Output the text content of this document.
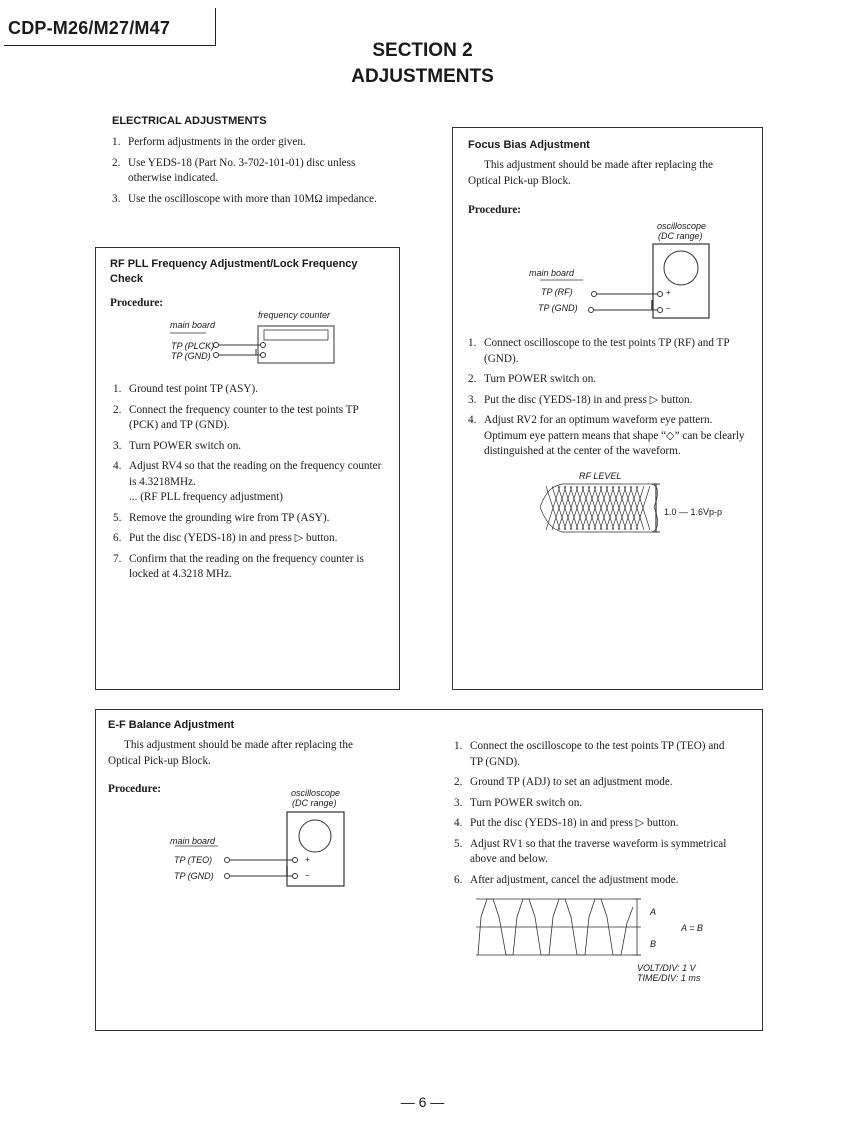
CDP-M26/M27/M47
SECTION 2
ADJUSTMENTS
ELECTRICAL ADJUSTMENTS
1. Perform adjustments in the order given.
2. Use YEDS-18 (Part No. 3-702-101-01) disc unless otherwise indicated.
3. Use the oscilloscope with more than 10MΩ impedance.
RF PLL Frequency Adjustment/Lock Frequency Check
Procedure:
frequency counter
main board
TP (PLCK)
TP (GND)
1. Ground test point TP (ASY).
2. Connect the frequency counter to the test points TP (PCK) and TP (GND).
3. Turn POWER switch on.
4. Adjust RV4 so that the reading on the frequency counter is 4.3218MHz.
... (RF PLL frequency adjustment)
5. Remove the grounding wire from TP (ASY).
6. Put the disc (YEDS-18) in and press ▷ button.
7. Confirm that the reading on the frequency counter is locked at 4.3218 MHz.
Focus Bias Adjustment
This adjustment should be made after replacing the Optical Pick-up Block.
Procedure:
oscilloscope
(DC range)
main board
TP (RF)
TP (GND)
+
−
1. Connect oscilloscope to the test points TP (RF) and TP (GND).
2. Turn POWER switch on.
3. Put the disc (YEDS-18) in and press ▷ button.
4. Adjust RV2 for an optimum waveform eye pattern. Optimum eye pattern means that shape “◇” can be clearly distinguished at the center of the waveform.
RF LEVEL
1.0 — 1.6Vp-p
E-F Balance Adjustment
This adjustment should be made after replacing the Optical Pick-up Block.
Procedure:	oscilloscope
(DC range)
main board
TP (TEO)
TP (GND)
+
−
1. Connect the oscilloscope to the test points TP (TEO) and TP (GND).
2. Ground TP (ADJ) to set an adjustment mode.
3. Turn POWER switch on.
4. Put the disc (YEDS-18) in and press ▷ button.
5. Adjust RV1 so that the traverse waveform is symmetrical above and below.
6. After adjustment, cancel the adjustment mode.
A
B
A = B
VOLT/DIV: 1 V
TIME/DIV: 1 ms
— 6 —
